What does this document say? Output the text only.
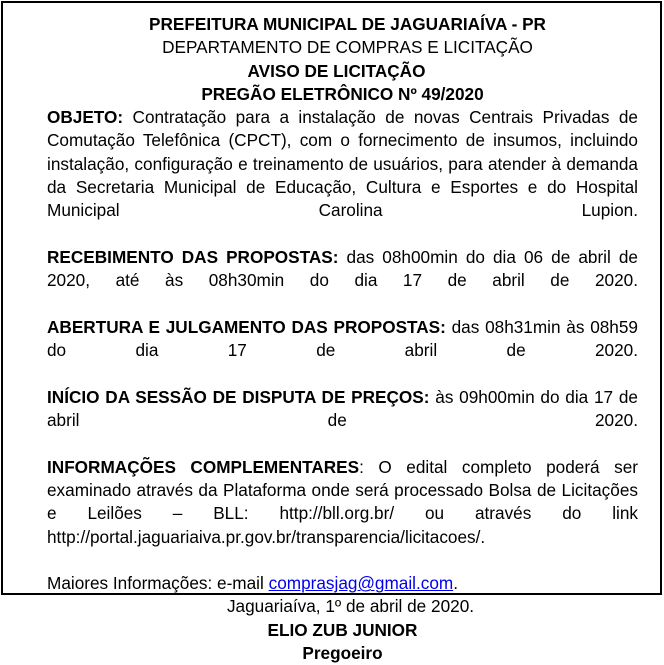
PREFEITURA MUNICIPAL DE JAGUARIAÍVA - PR
DEPARTAMENTO DE COMPRAS E LICITAÇÃO
AVISO DE LICITAÇÃO
PREGÃO ELETRÔNICO Nº 49/2020

OBJETO: Contratação para a instalação de novas Centrais Privadas de Comutação Telefônica (CPCT), com o fornecimento de insumos, incluindo instalação, configuração e treinamento de usuários, para atender à demanda da Secretaria Municipal de Educação, Cultura e Esportes e do Hospital Municipal Carolina Lupion.

RECEBIMENTO DAS PROPOSTAS: das 08h00min do dia 06 de abril de 2020, até às 08h30min do dia 17 de abril de 2020.

ABERTURA E JULGAMENTO DAS PROPOSTAS: das 08h31min às 08h59 do dia 17 de abril de 2020.

INÍCIO DA SESSÃO DE DISPUTA DE PREÇOS: às 09h00min do dia 17 de abril de 2020.

INFORMAÇÕES COMPLEMENTARES: O edital completo poderá ser examinado através da Plataforma onde será processado Bolsa de Licitações e Leilões – BLL: http://bll.org.br/ ou através do link http://portal.jaguariaiva.pr.gov.br/transparencia/licitacoes/.

Maiores Informações: e-mail comprasjag@gmail.com.

Jaguariaíva, 1º de abril de 2020.
ELIO ZUB JUNIOR
Pregoeiro
